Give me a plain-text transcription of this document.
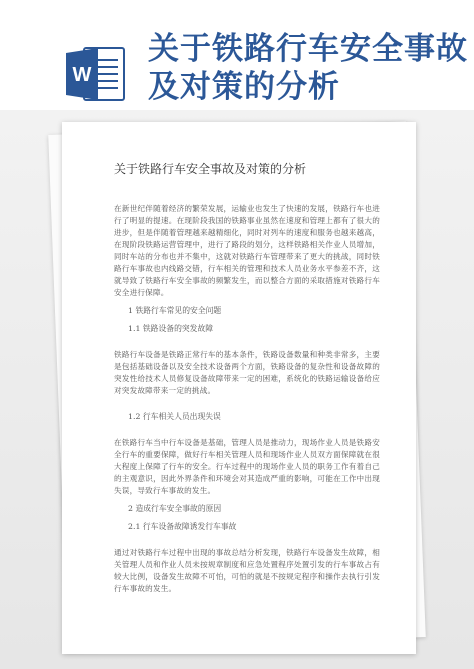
W
关于铁路行车安全事故
及对策的分析
关于铁路行车安全事故及对策的分析

在新世纪伴随着经济的繁荣发展，运输业也发生了快速的发展，铁路行车也进行了明显的提速。在现阶段我国的铁路事业虽然在速度和管理上都有了很大的进步，但是伴随着管理越来越精细化，同时对列车的速度和服务也越来越高，在现阶段铁路运营管理中，进行了路段的划分，这样铁路相关作业人员增加，同时车站的分布也并不集中，这就对铁路行车管理带来了更大的挑战，同时铁路行车事故也内线路交错，行车相关的管理和技术人员业务水平参差不齐，这就导致了铁路行车安全事故的频繁发生，而以整合方面的采取措施对铁路行车安全进行保障。

1 铁路行车常见的安全问题
1.1 铁路设备的突发故障

铁路行车设备是铁路正常行车的基本条件，铁路设备数量和种类非常多，主要是包括基础设备以及安全技术设备两个方面，铁路设备的复杂性和设备故障的突发性给技术人员修复设备故障带来一定的困难，系统化的铁路运输设备给应对突发故障带来一定的挑战。

1.2 行车相关人员出现失误

在铁路行车当中行车设备是基础，管理人员是推动力，现场作业人员是铁路安全行车的重要保障，做好行车相关管理人员和现场作业人员双方面保障就在很大程度上保障了行车的安全。行车过程中的现场作业人员的职务工作有着自己的主观意识，因此外界条件和环境会对其造成严重的影响，可能在工作中出现失误，导致行车事故的发生。

2 造成行车安全事故的原因
2.1 行车设备故障诱发行车事故

通过对铁路行车过程中出现的事故总结分析发现，铁路行车设备发生故障，相关管理人员和作业人员未按规章制度和应急处置程序处置引发的行车事故占有较大比例，设备发生故障不可怕，可怕的就是不按规定程序和操作去执行引发行车事故的发生。
